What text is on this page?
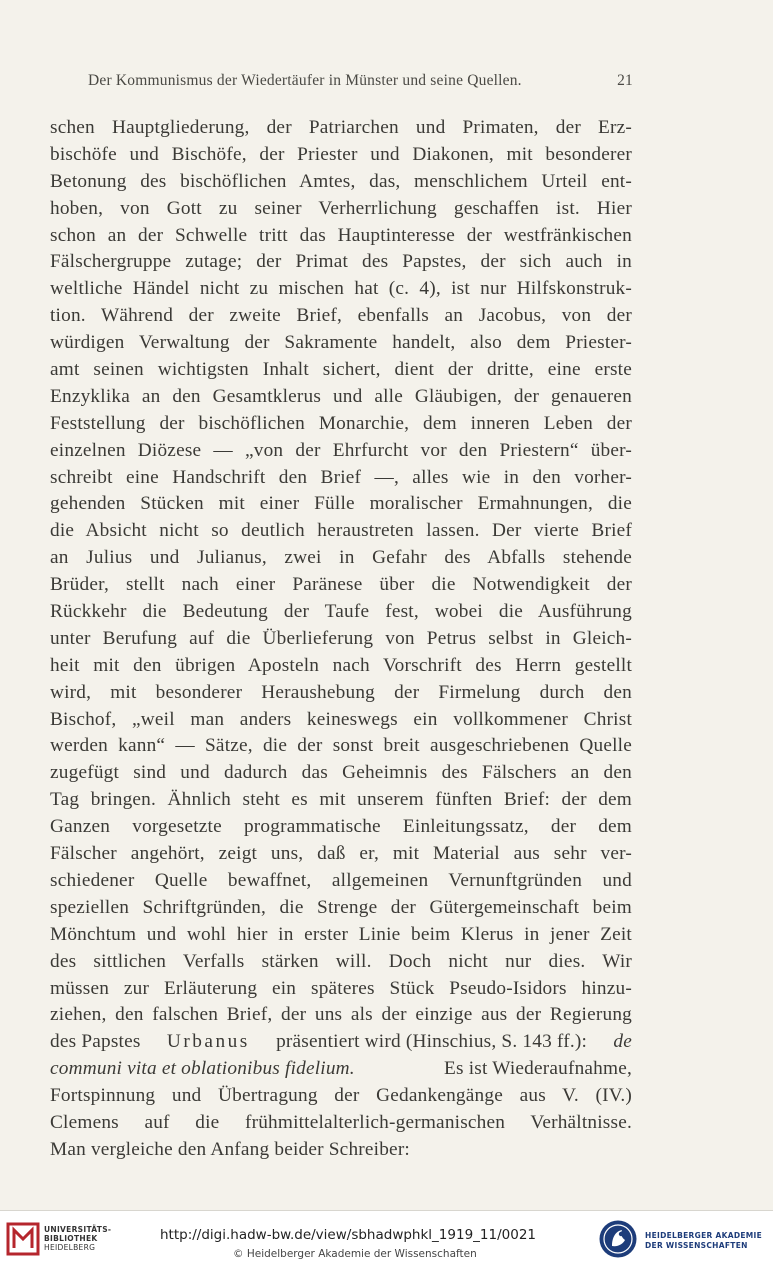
Der Kommunismus der Wiedertäufer in Münster und seine Quellen.	21
schen Hauptgliederung, der Patriarchen und Primaten, der Erz-
bischöfe und Bischöfe, der Priester und Diakonen, mit besonderer
Betonung des bischöflichen Amtes, das, menschlichem Urteil ent-
hoben, von Gott zu seiner Verherrlichung geschaffen ist. Hier
schon an der Schwelle tritt das Hauptinteresse der westfränkischen
Fälschergruppe zutage; der Primat des Papstes, der sich auch in
weltliche Händel nicht zu mischen hat (c. 4), ist nur Hilfskonstruk-
tion. Während der zweite Brief, ebenfalls an Jacobus, von der
würdigen Verwaltung der Sakramente handelt, also dem Priester-
amt seinen wichtigsten Inhalt sichert, dient der dritte, eine erste
Enzyklika an den Gesamtklerus und alle Gläubigen, der genaueren
Feststellung der bischöflichen Monarchie, dem inneren Leben der
einzelnen Diözese — „von der Ehrfurcht vor den Priestern“ über-
schreibt eine Handschrift den Brief —, alles wie in den vorher-
gehenden Stücken mit einer Fülle moralischer Ermahnungen, die
die Absicht nicht so deutlich heraustreten lassen. Der vierte Brief
an Julius und Julianus, zwei in Gefahr des Abfalls stehende
Brüder, stellt nach einer Paränese über die Notwendigkeit der
Rückkehr die Bedeutung der Taufe fest, wobei die Ausführung
unter Berufung auf die Überlieferung von Petrus selbst in Gleich-
heit mit den übrigen Aposteln nach Vorschrift des Herrn gestellt
wird, mit besonderer Heraushebung der Firmelung durch den
Bischof, „weil man anders keineswegs ein vollkommener Christ
werden kann“ — Sätze, die der sonst breit ausgeschriebenen Quelle
zugefügt sind und dadurch das Geheimnis des Fälschers an den
Tag bringen. Ähnlich steht es mit unserem fünften Brief: der dem
Ganzen vorgesetzte programmatische Einleitungssatz, der dem
Fälscher angehört, zeigt uns, daß er, mit Material aus sehr ver-
schiedener Quelle bewaffnet, allgemeinen Vernunftgründen und
speziellen Schriftgründen, die Strenge der Gütergemeinschaft beim
Mönchtum und wohl hier in erster Linie beim Klerus in jener Zeit
des sittlichen Verfalls stärken will. Doch nicht nur dies. Wir
müssen zur Erläuterung ein späteres Stück Pseudo-Isidors hinzu-
ziehen, den falschen Brief, der uns als der einzige aus der Regierung
des Papstes Urbanus präsentiert wird (Hinschius, S. 143 ff.): de
communi vita et oblationibus fidelium.	Es ist Wiederaufnahme,
Fortspinnung und Übertragung der Gedankengänge aus V. (IV.)
Clemens auf die frühmittelalterlich-germanischen Verhältnisse.
Man vergleiche den Anfang beider Schreiber:
UNIVERSITÄTS-
BIBLIOTHEK
HEIDELBERG
http://digi.hadw-bw.de/view/sbhadwphkl_1919_11/0021
© Heidelberger Akademie der Wissenschaften
HEIDELBERGER AKADEMIE
DER WISSENSCHAFTEN
